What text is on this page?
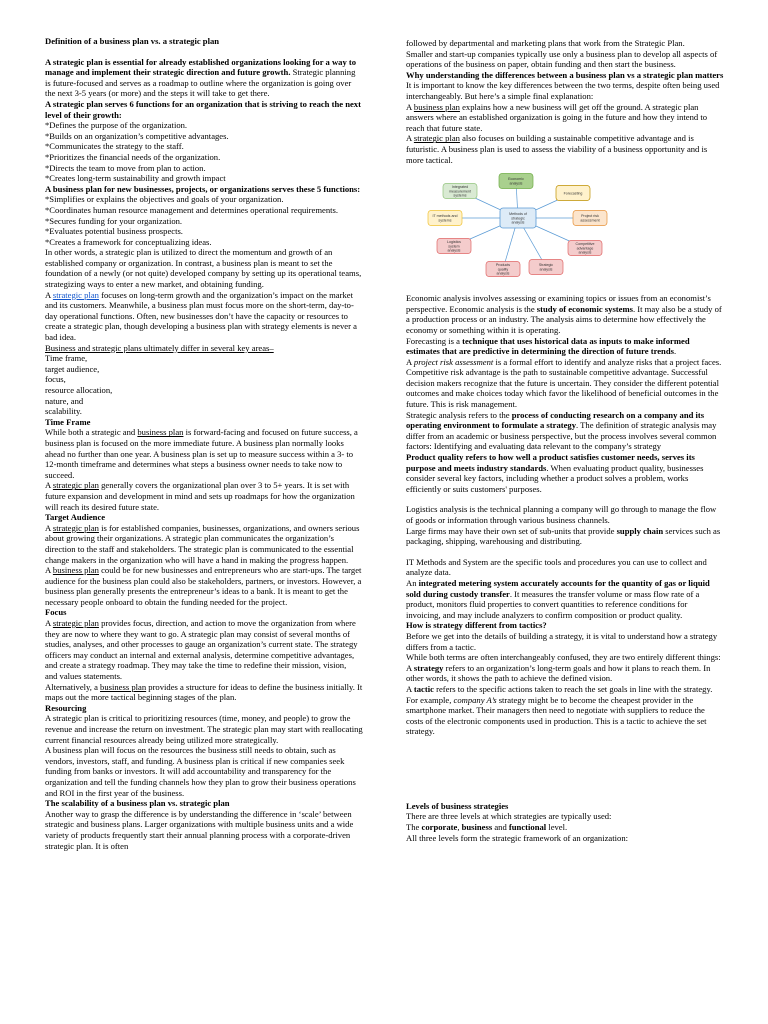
Definition of a business plan vs. a strategic plan

A strategic plan is essential for already established organizations looking for a way to manage and implement their strategic direction and future growth. Strategic planning is future-focused and serves as a roadmap to outline where the organization is going over the next 3-5 years (or more) and the steps it will take to get there.

A strategic plan serves 6 functions for an organization that is striving to reach the next level of their growth:

*Defines the purpose of the organization.

*Builds on an organization’s competitive advantages.

*Communicates the strategy to the staff.

*Prioritizes the financial needs of the organization.

*Directs the team to move from plan to action.

*Creates long-term sustainability and growth impact

A business plan for new businesses, projects, or organizations serves these 5 functions:

*Simplifies or explains the objectives and goals of your organization.

*Coordinates human resource management and determines operational requirements.

*Secures funding for your organization.

*Evaluates potential business prospects.

*Creates a framework for conceptualizing ideas.

In other words, a strategic plan is utilized to direct the momentum and growth of an established company or organization. In contrast, a business plan is meant to set the foundation of a newly (or not quite) developed company by setting up its operational teams, strategizing ways to enter a new market, and obtaining funding.

A strategic plan focuses on long-term growth and the organization’s impact on the market and its customers. Meanwhile, a business plan must focus more on the short-term, day-to-day operational functions. Often, new businesses don’t have the capacity or resources to create a strategic plan, though developing a business plan with strategy elements is never a bad idea.

Business and strategic plans ultimately differ in several key areas–

Time frame,

target audience,

focus,

resource allocation,

nature, and

scalability.

Time Frame

While both a strategic and business plan is forward-facing and focused on future success, a business plan is focused on the more immediate future. A business plan normally looks ahead no further than one year. A business plan is set up to measure success within a 3- to 12-month timeframe and determines what steps a business owner needs to take now to succeed.

A strategic plan generally covers the organizational plan over 3 to 5+ years. It is set with future expansion and development in mind and sets up roadmaps for how the organization will reach its desired future state.

Target Audience

A strategic plan is for established companies, businesses, organizations, and owners serious about growing their organizations. A strategic plan communicates the organization’s direction to the staff and stakeholders. The strategic plan is communicated to the essential change makers in the organization who will have a hand in making the progress happen.

A business plan could be for new businesses and entrepreneurs who are start-ups. The target audience for the business plan could also be stakeholders, partners, or investors. However, a business plan generally presents the entrepreneur’s ideas to a bank. It is meant to get the necessary people onboard to obtain the funding needed for the project.

Focus

A strategic plan provides focus, direction, and action to move the organization from where they are now to where they want to go. A strategic plan may consist of several months of studies, analyses, and other processes to gauge an organization’s current state. The strategy officers may conduct an internal and external analysis, determine competitive advantages, and create a strategy roadmap. They may take the time to redefine their mission, vision,

and values statements.

Alternatively, a business plan provides a structure for ideas to define the business initially. It maps out the more tactical beginning stages of the plan.

Resourcing

A strategic plan is critical to prioritizing resources (time, money, and people) to grow the revenue and increase the return on investment. The strategic plan may start with reallocating current financial resources already being utilized more strategically.

A business plan will focus on the resources the business still needs to obtain, such as vendors, investors, staff, and funding. A business plan is critical if new companies seek funding from banks or investors. It will add accountability and transparency for the organization and tell the funding channels how they plan to grow their business operations and ROI in the first year of the business.

The scalability of a business plan vs. strategic plan

Another way to grasp the difference is by understanding the difference in ‘scale’ between strategic and business plans. Larger organizations with multiple business units and a wide variety of products frequently start their annual planning process with a corporate-driven strategic plan. It is often

followed by departmental and marketing plans that work from the Strategic Plan.

Smaller and start-up companies typically use only a business plan to develop all aspects of operations of the business on paper, obtain funding and then start the business.

Why understanding the differences between a business plan vs a strategic plan matters

It is important to know the key differences between the two terms, despite often being used interchangeably. But here’s a simple final explanation:

A business plan explains how a new business will get off the ground. A strategic plan answers where an established organization is going in the future and how they intend to reach that future state.

A strategic plan also focuses on building a sustainable competitive advantage and is futuristic. A business plan is used to assess the viability of a business opportunity and is more tactical.

Methods of strategic analysis
Economic analysis
Integrated measurement systems
Forecasting
IT methods and systems
Project risk assessment
Logistics system analysis
Competitive advantage analysis
Products quality analysis
Strategic analysis

Economic analysis involves assessing or examining topics or issues from an economist’s perspective. Economic analysis is the study of economic systems. It may also be a study of a production process or an industry. The analysis aims to determine how effectively the economy or something within it is operating.

Forecasting is a technique that uses historical data as inputs to make informed estimates that are predictive in determining the direction of future trends.

A project risk assessment is a formal effort to identify and analyze risks that a project faces.

Competitive risk advantage is the path to sustainable competitive advantage. Successful decision makers recognize that the future is uncertain. They consider the different potential outcomes and make choices today which favor the likelihood of beneficial outcomes in the future. This is risk management.

Strategic analysis refers to the process of conducting research on a company and its operating environment to formulate a strategy. The definition of strategic analysis may differ from an academic or business perspective, but the process involves several common factors: Identifying and evaluating data relevant to the company’s strategy

Product quality refers to how well a product satisfies customer needs, serves its purpose and meets industry standards. When evaluating product quality, businesses consider several key factors, including whether a product solves a problem, works efficiently or suits customers' purposes.

Logistics analysis is the technical planning a company will go through to manage the flow of goods or information through various business channels.

Large firms may have their own set of sub-units that provide supply chain services such as packaging, shipping, warehousing and distributing.

IT Methods and System are the specific tools and procedures you can use to collect and analyze data.

An integrated metering system accurately accounts for the quantity of gas or liquid sold during custody transfer. It measures the transfer volume or mass flow rate of a product, monitors fluid properties to convert quantities to reference conditions for invoicing, and may include analyzers to confirm composition or product quality.

How is strategy different from tactics?

Before we get into the details of building a strategy, it is vital to understand how a strategy differs from a tactic.

While both terms are often interchangeably confused, they are two entirely different things:

A strategy refers to an organization’s long-term goals and how it plans to reach them. In other words, it shows the path to achieve the defined vision.

A tactic refers to the specific actions taken to reach the set goals in line with the strategy.

For example, company A’s strategy might be to become the cheapest provider in the smartphone market. Their managers then need to negotiate with suppliers to reduce the costs of the electronic components used in production. This is a tactic to achieve the set strategy.

Levels of business strategies

There are three levels at which strategies are typically used:

The corporate, business and functional level.

All three levels form the strategic framework of an organization:
